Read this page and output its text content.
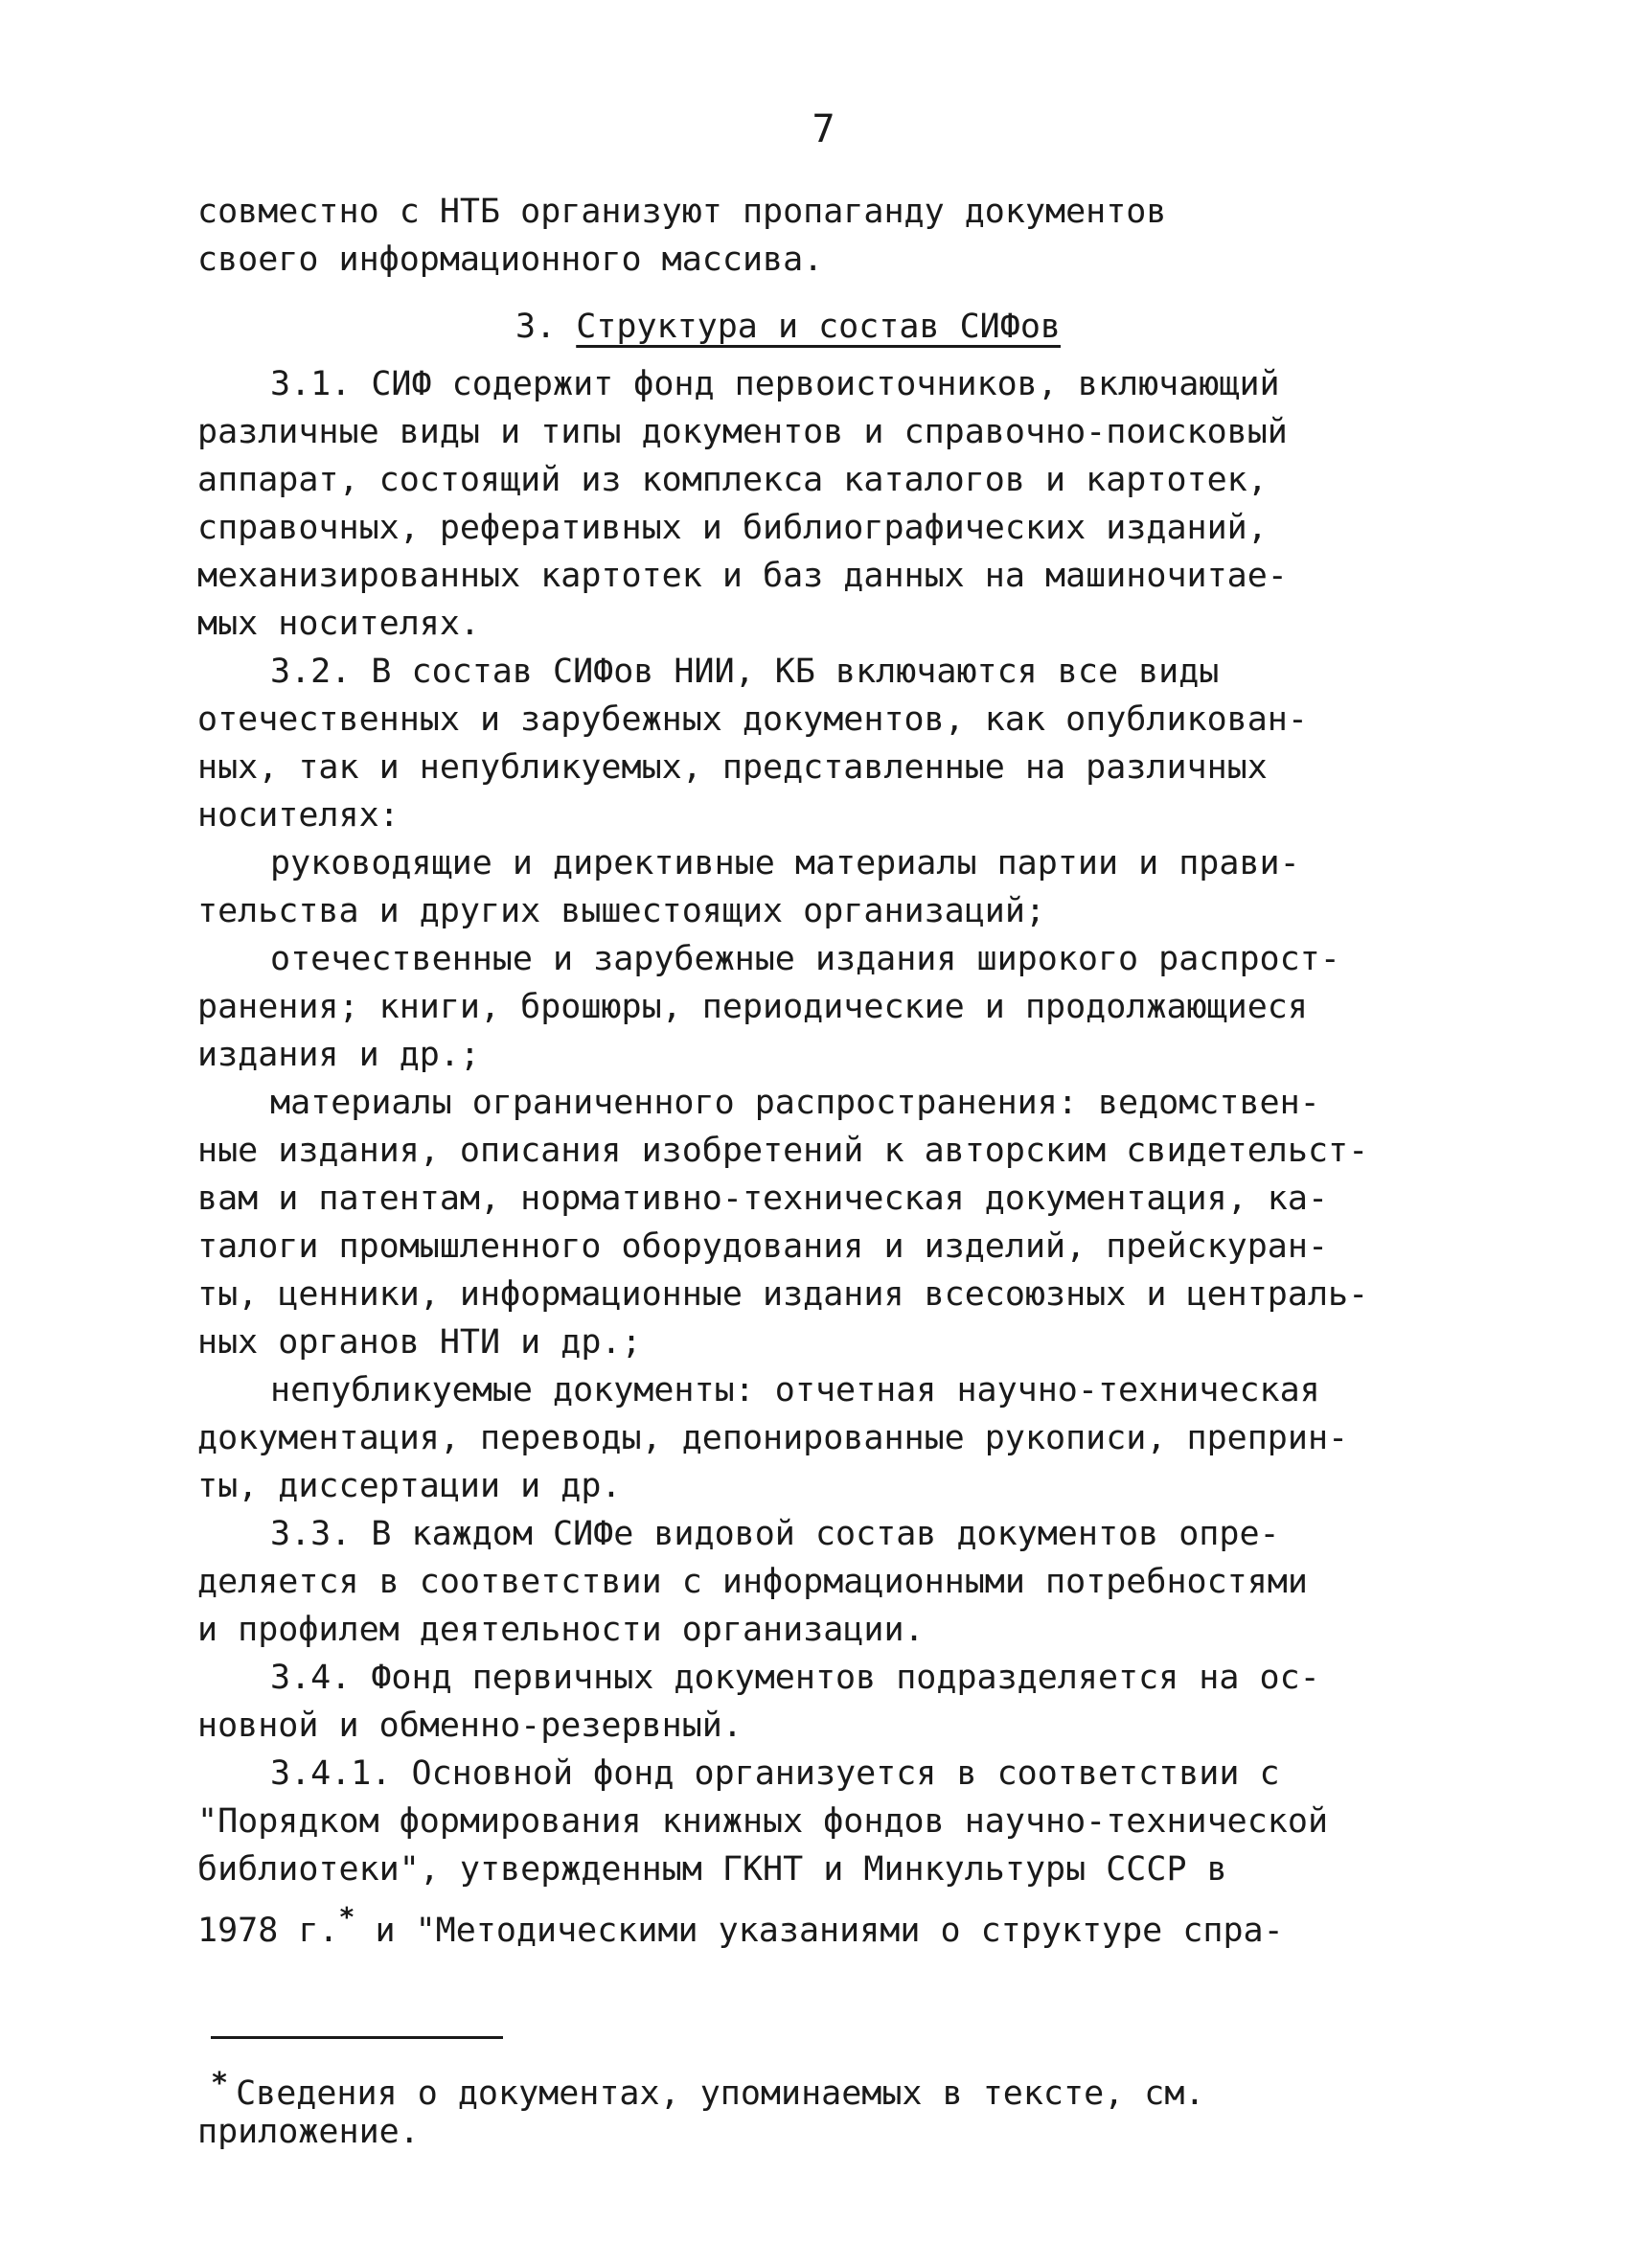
7
совместно с НТБ организуют пропаганду документов
своего информационного массива.
3. Структура и состав СИФов
3.1. СИФ содержит фонд первоисточников, включающий
различные виды и типы документов и справочно-поисковый
аппарат, состоящий из комплекса каталогов и картотек,
справочных, реферативных и библиографических изданий,
механизированных картотек и баз данных на машиночитае-
мых носителях.
3.2. В состав СИФов НИИ, КБ включаются все виды
отечественных и зарубежных документов, как опубликован-
ных, так и непубликуемых, представленные на различных
носителях:
руководящие и директивные материалы партии и прави-
тельства и других вышестоящих организаций;
отечественные и зарубежные издания широкого распрост-
ранения; книги, брошюры, периодические и продолжающиеся
издания и др.;
материалы ограниченного распространения: ведомствен-
ные издания, описания изобретений к авторским свидетельст-
вам и патентам, нормативно-техническая документация, ка-
талоги промышленного оборудования и изделий, прейскуран-
ты, ценники, информационные издания всесоюзных и централь-
ных органов НТИ и др.;
непубликуемые документы: отчетная научно-техническая
документация, переводы, депонированные рукописи, преприн-
ты, диссертации и др.
3.3. В каждом СИФе видовой состав документов опре-
деляется в соответствии с информационными потребностями
и профилем деятельности организации.
3.4. Фонд первичных документов подразделяется на ос-
новной и обменно-резервный.
3.4.1. Основной фонд организуется в соответствии с
"Порядком формирования книжных фондов научно-технической
библиотеки", утвержденным ГКНТ и Минкультуры СССР в
1978 г.* и "Методическими указаниями о структуре спра-
* Сведения о документах, упоминаемых в тексте, см.
приложение.
